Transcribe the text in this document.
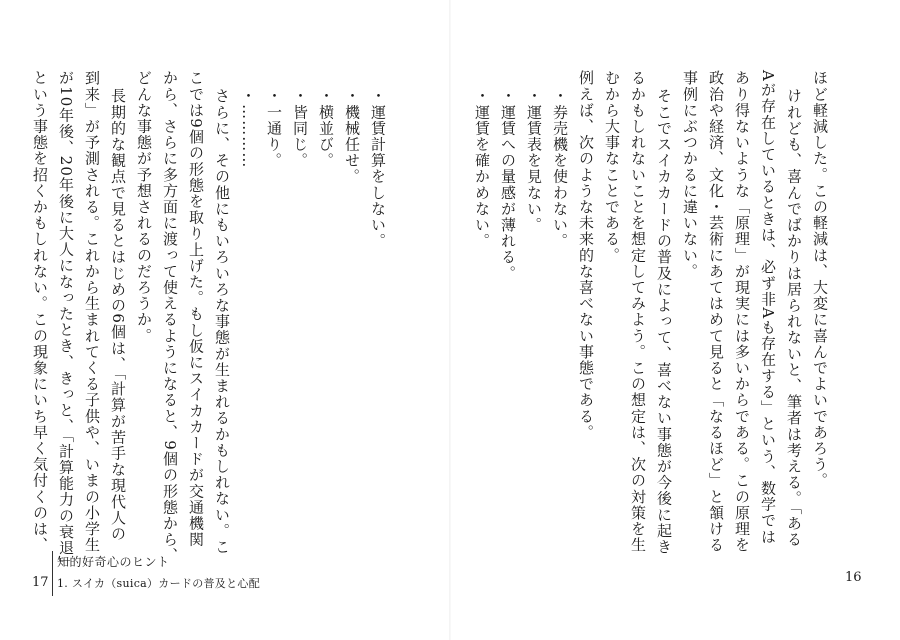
ほど軽減した。この軽減は、大変に喜んでよいであろう。
けれども、喜んでばかりは居られないと、筆者は考える。「ある
Aが存在しているときは、必ず非Aも存在する」という、数学では
あり得ないような「原理」が現実には多いからである。この原理を
政治や経済、文化・芸術にあてはめて見ると「なるほど」と頷ける
事例にぶつかるに違いない。
そこでスイカカードの普及によって、喜べない事態が今後に起き
るかもしれないことを想定してみよう。この想定は、次の対策を生
むから大事なことである。
例えば、次のような未来的な喜べない事態である。
・券売機を使わない。
・運賃表を見ない。
・運賃への量感が薄れる。
・運賃を確かめない。
16
・運賃計算をしない。
・機械任せ。
・横並び。
・皆同じ。
・一通り。
・…………
さらに、その他にもいろいろな事態が生まれるかもしれない。こ
こでは9個の形態を取り上げた。もし仮にスイカカードが交通機関
から、さらに多方面に渡って使えるようになると、9個の形態から、
どんな事態が予想されるのだろうか。
長期的な観点で見るとはじめの6個は、「計算が苦手な現代人の
到来」が予測される。これから生まれてくる子供や、いまの小学生
が10年後、20年後に大人になったとき、きっと、「計算能力の衰退」
という事態を招くかもしれない。この現象にいち早く気付くのは、
17
知的好奇心のヒント
1. スイカ（suica）カードの普及と心配
